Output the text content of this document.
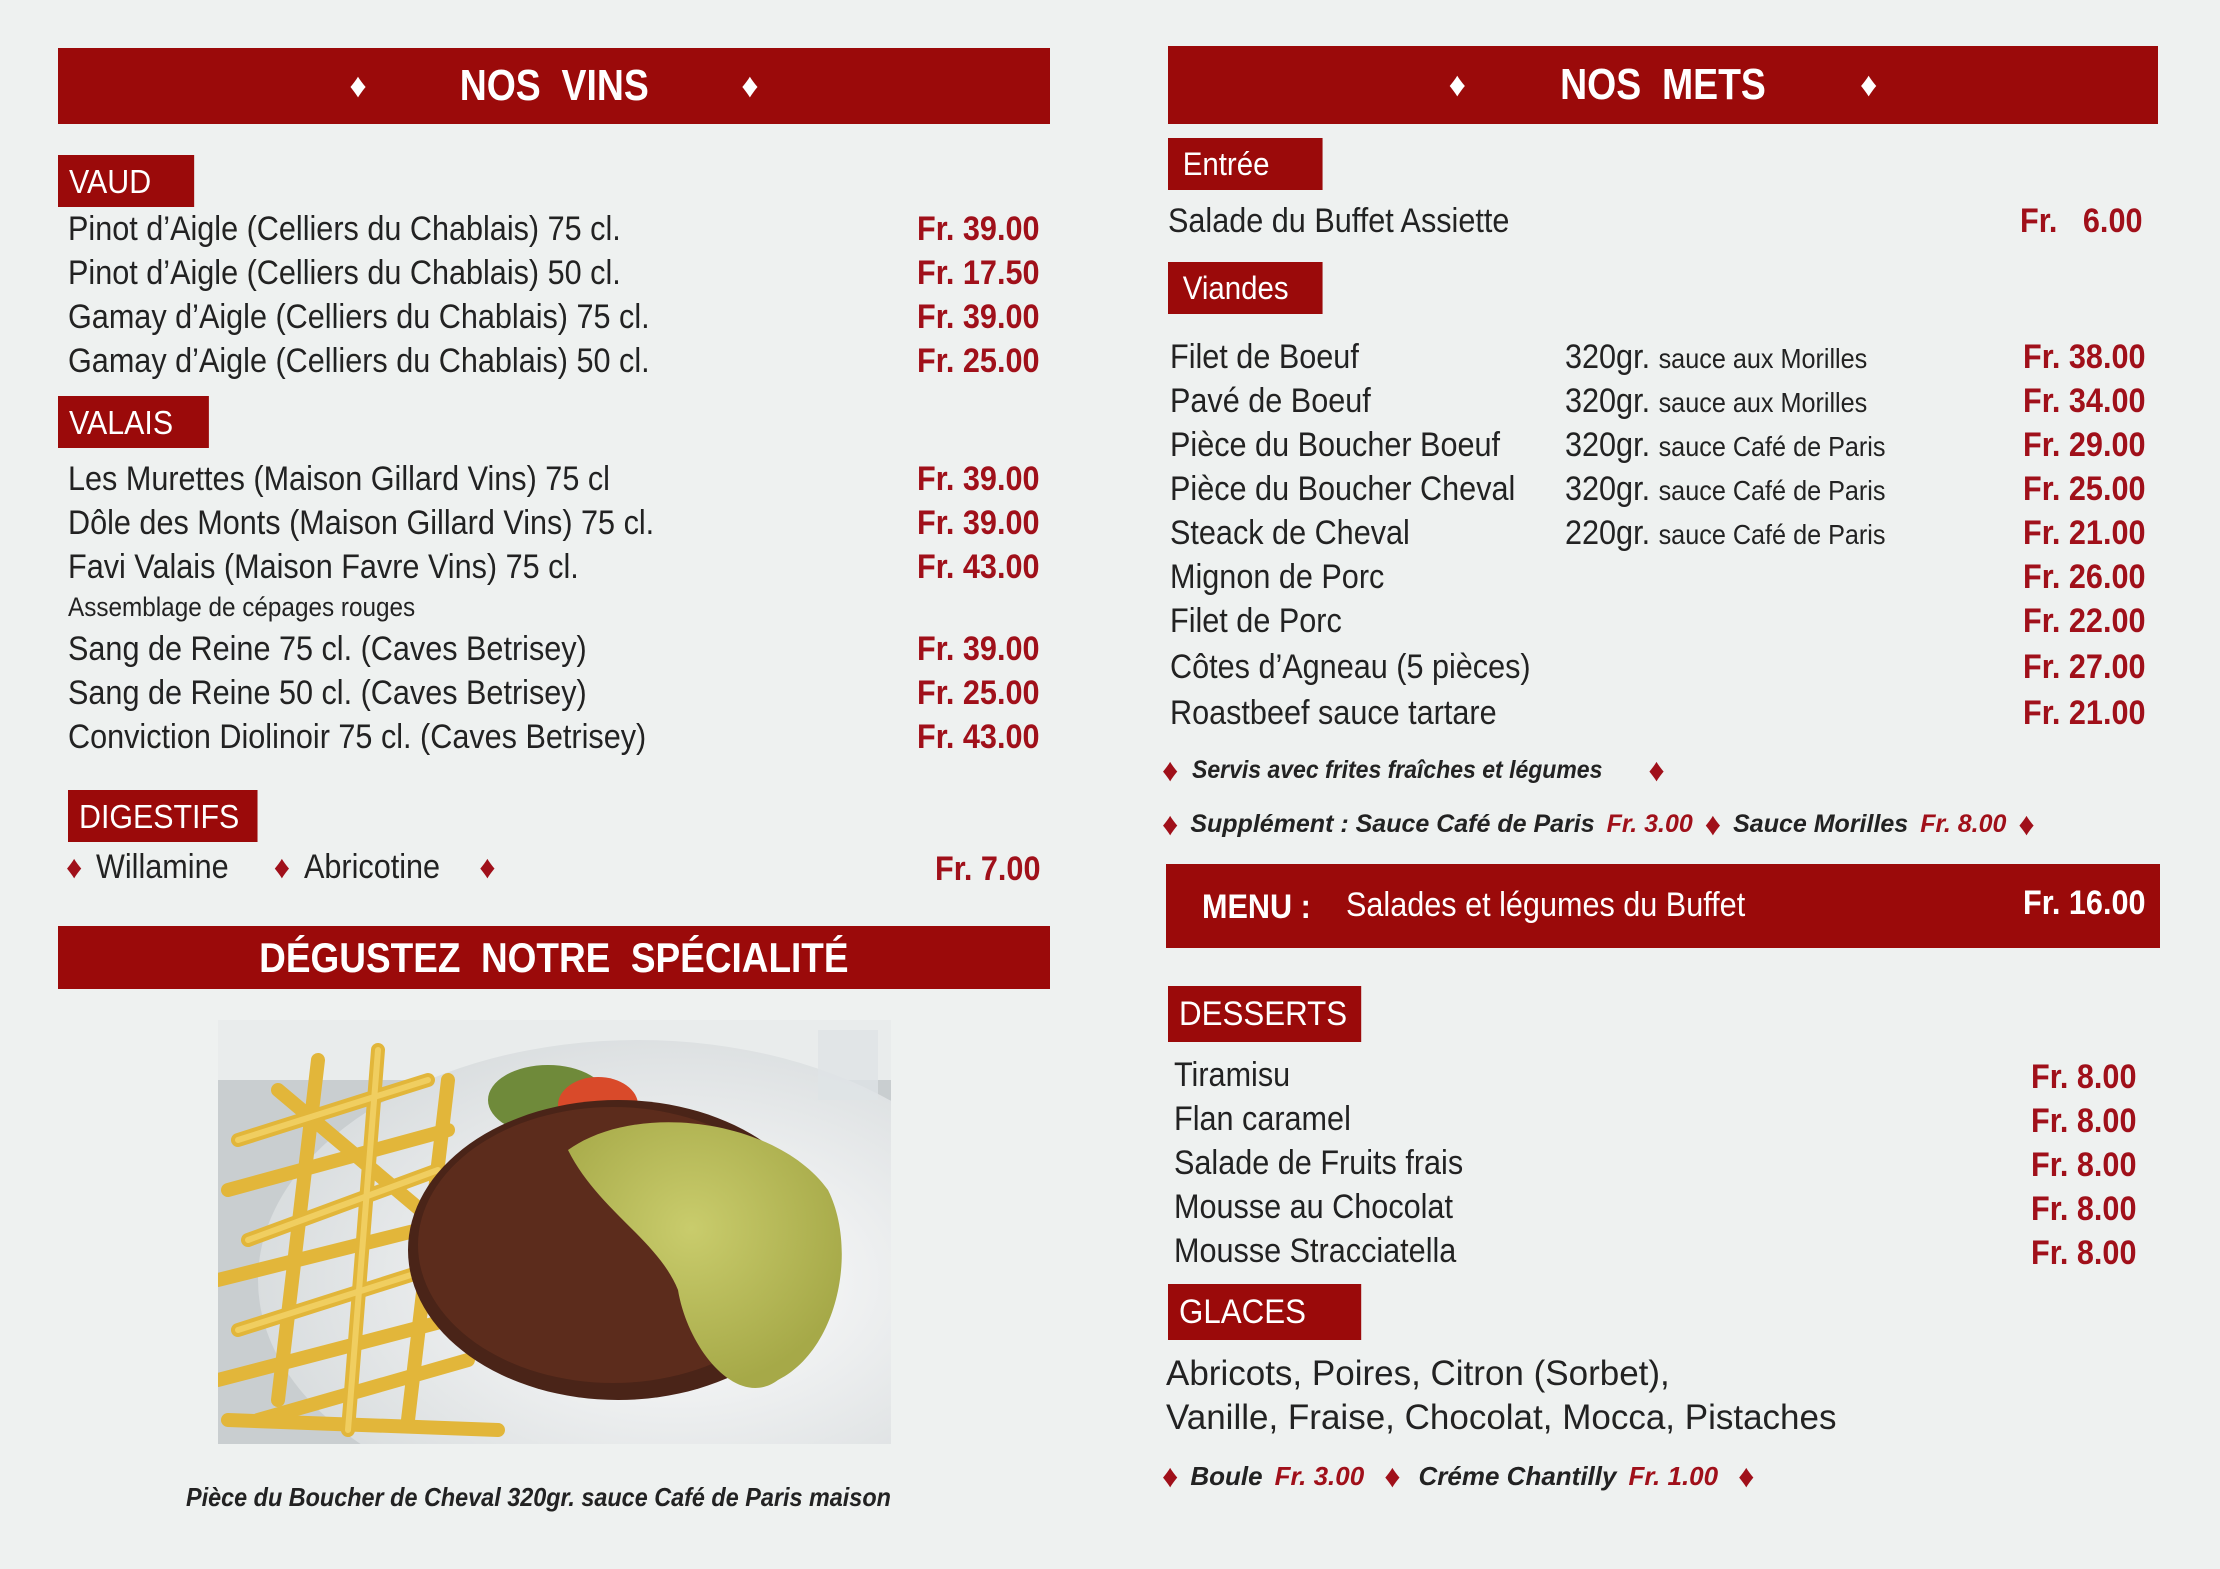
♦ NOS  VINS	♦
VAUD
Pinot d’Aigle (Celliers du Chablais) 75 cl.	Fr. 39.00
Pinot d’Aigle (Celliers du Chablais) 50 cl.	Fr. 17.50
Gamay d’Aigle (Celliers du Chablais) 75 cl.	Fr. 39.00
Gamay d’Aigle (Celliers du Chablais) 50 cl.	Fr. 25.00
VALAIS
Les Murettes (Maison Gillard Vins) 75 cl	Fr. 39.00
Dôle des Monts (Maison Gillard Vins) 75 cl.	Fr. 39.00
Favi Valais (Maison Favre Vins) 75 cl.	Fr. 43.00
Assemblage de cépages rouges
Sang de Reine 75 cl. (Caves Betrisey)	Fr. 39.00
Sang de Reine 50 cl. (Caves Betrisey)	Fr. 25.00
Conviction Diolinoir 75 cl. (Caves Betrisey)	Fr. 43.00
DIGESTIFS
♦ Willamine ♦ Abricotine ♦	Fr. 7.00
DÉGUSTEZ  NOTRE  SPÉCIALITÉ
Pièce du Boucher de Cheval 320gr. sauce Café de Paris maison
♦ NOS  METS	♦
Entrée
Salade du Buffet Assiette	Fr.   6.00
Viandes
Filet de Boeuf	320gr. sauce aux Morilles	Fr. 38.00
Pavé de Boeuf	320gr. sauce aux Morilles	Fr. 34.00
Pièce du Boucher Boeuf 320gr. sauce Café de Paris	Fr. 29.00
Pièce du Boucher Cheval 320gr. sauce Café de Paris	Fr. 25.00
Steack de Cheval	220gr. sauce Café de Paris	Fr. 21.00
Mignon de Porc	Fr. 26.00
Filet de Porc	Fr. 22.00
Côtes d’Agneau (5 pièces)	Fr. 27.00
Roastbeef sauce tartare	Fr. 21.00
♦ Servis avec frites fraîches et légumes ♦
♦ Supplément : Sauce Café de Paris Fr. 3.00 ♦ Sauce Morilles Fr. 8.00 ♦
MENU : Salades et légumes du Buffet	Fr. 16.00
DESSERTS
Tiramisu	Fr. 8.00
Flan caramel	Fr. 8.00
Salade de Fruits frais	Fr. 8.00
Mousse au Chocolat	Fr. 8.00
Mousse Stracciatella	Fr. 8.00
GLACES
Abricots, Poires, Citron (Sorbet),
Vanille, Fraise, Chocolat, Mocca, Pistaches
♦ Boule Fr. 3.00 ♦ Créme Chantilly Fr. 1.00 ♦
